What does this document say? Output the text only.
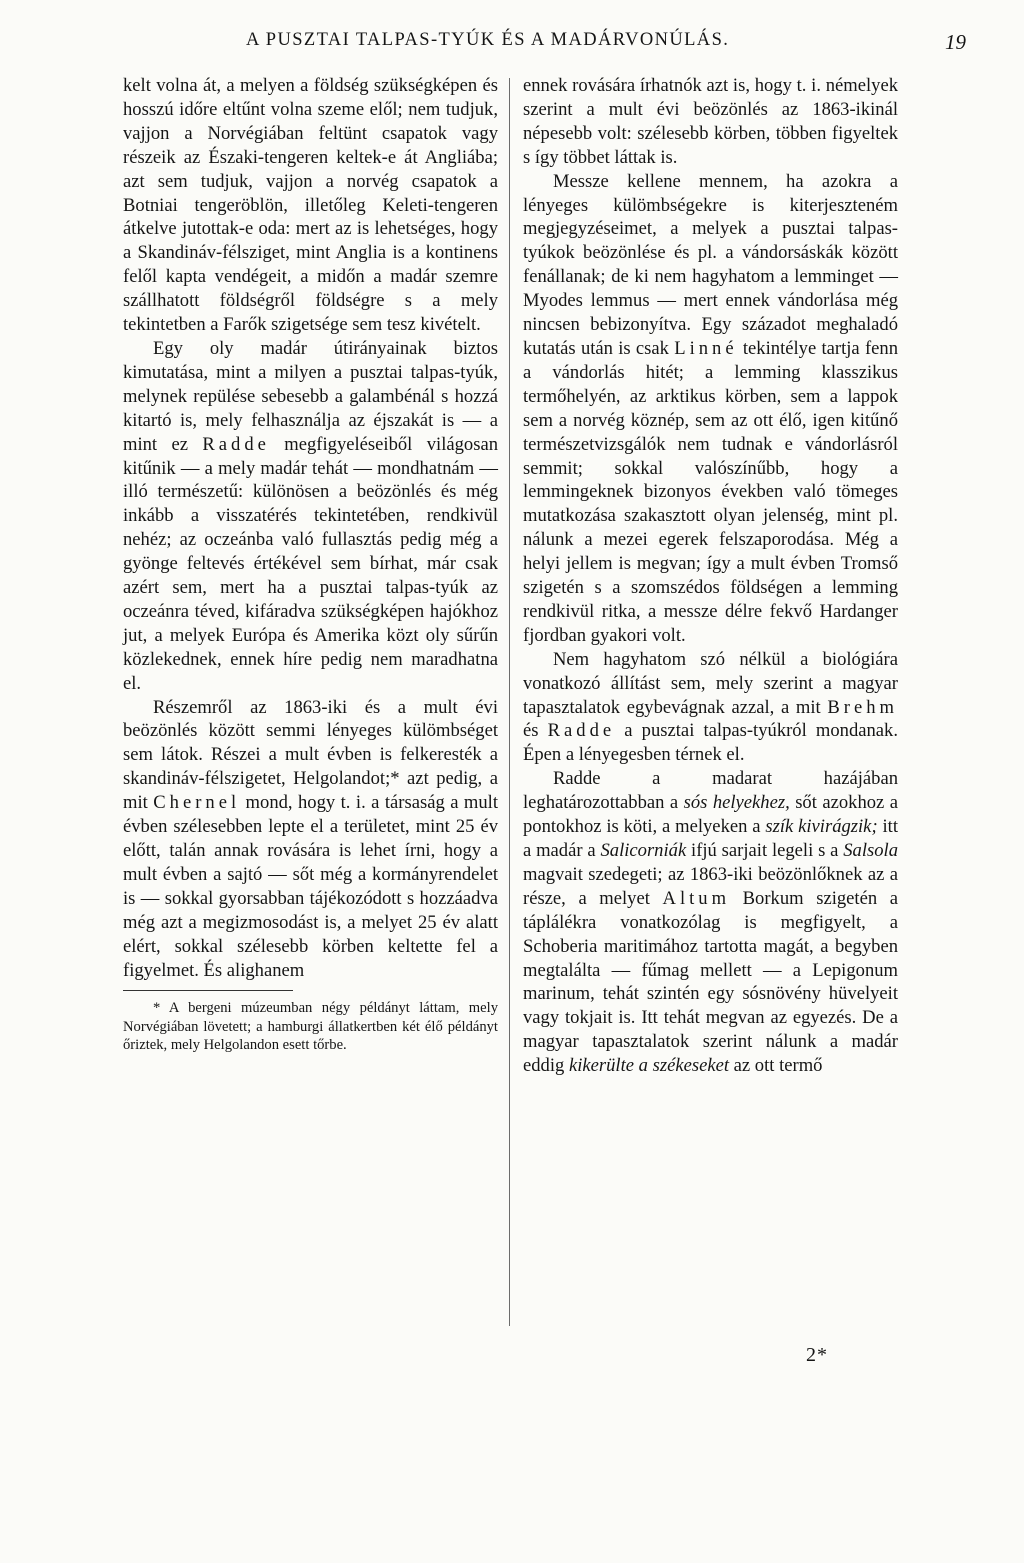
A PUSZTAI TALPAS-TYÚK ÉS A MADÁRVONÚLÁS.	19

kelt volna át, a melyen a földség szükségképen és hosszú időre eltűnt volna szeme elől; nem tudjuk, vajjon a Norvégiában feltünt csapatok vagy részeik az Északi-tengeren keltek-e át Angliába; azt sem tudjuk, vajjon a norvég csapatok a Botniai tengeröblön, illetőleg Keleti-tengeren átkelve jutottak-e oda: mert az is lehetséges, hogy a Skandináv-félsziget, mint Anglia is a kontinens felől kapta vendégeit, a midőn a madár szemre szállhatott földségről földségre s a mely tekintetben a Farők szigetsége sem tesz kivételt.

Egy oly madár útirányainak biztos kimutatása, mint a milyen a pusztai talpas-tyúk, melynek repülése sebesebb a galambénál s hozzá kitartó is, mely felhasználja az éjszakát is — a mint ez Radde megfigyeléseiből világosan kitűnik — a mely madár tehát — mondhatnám — illó természetű: különösen a beözönlés és még inkább a visszatérés tekintetében, rendkivül nehéz; az oczeánba való fullasztás pedig még a gyönge feltevés értékével sem bírhat, már csak azért sem, mert ha a pusztai talpas-tyúk az oczeánra téved, kifáradva szükségképen hajókhoz jut, a melyek Európa és Amerika közt oly sűrűn közlekednek, ennek híre pedig nem maradhatna el.

Részemről az 1863-iki és a mult évi beözönlés között semmi lényeges külömbséget sem látok. Részei a mult évben is felkeresték a skandináv-félszigetet, Helgolandot;* azt pedig, a mit Chernel mond, hogy t. i. a társaság a mult évben szélesebben lepte el a területet, mint 25 év előtt, talán annak rovására is lehet írni, hogy a mult évben a sajtó — sőt még a kormányrendelet is — sokkal gyorsabban tájékozódott s hozzáadva még azt a megizmosodást is, a melyet 25 év alatt elért, sokkal szélesebb körben keltette fel a figyelmet. És alighanem

* A bergeni múzeumban négy példányt láttam, mely Norvégiában lövetett; a hamburgi állatkertben két élő példányt őriztek, mely Helgolandon esett tőrbe.

ennek rovására írhatnók azt is, hogy t. i. némelyek szerint a mult évi beözönlés az 1863-ikinál népesebb volt: szélesebb körben, többen figyeltek s így többet láttak is.

Messze kellene mennem, ha azokra a lényeges külömbségekre is kiterjeszteném megjegyzéseimet, a melyek a pusztai talpas-tyúkok beözönlése és pl. a vándorsáskák között fenállanak; de ki nem hagyhatom a lemminget — Myodes lemmus — mert ennek vándorlása még nincsen bebizonyítva. Egy századot meghaladó kutatás után is csak Linné tekintélye tartja fenn a vándorlás hitét; a lemming klasszikus termőhelyén, az arktikus körben, sem a lappok sem a norvég köznép, sem az ott élő, igen kitűnő természetvizsgálók nem tudnak e vándorlásról semmit; sokkal valószínűbb, hogy a lemmingeknek bizonyos években való tömeges mutatkozása szakasztott olyan jelenség, mint pl. nálunk a mezei egerek felszaporodása. Még a helyi jellem is megvan; így a mult évben Tromső szigetén s a szomszédos földségen a lemming rendkivül ritka, a messze délre fekvő Hardanger fjordban gyakori volt.

Nem hagyhatom szó nélkül a biológiára vonatkozó állítást sem, mely szerint a magyar tapasztalatok egybevágnak azzal, a mit Brehm és Radde a pusztai talpas-tyúkról mondanak. Épen a lényegesben térnek el.

Radde a madarat hazájában leghatározottabban a sós helyekhez, sőt azokhoz a pontokhoz is köti, a melyeken a szík kivirágzik; itt a madár a Salicorniák ifjú sarjait legeli s a Salsola magvait szedegeti; az 1863-iki beözönlőknek az a része, a melyet Altum Borkum szigetén a táplálékra vonatkozólag is megfigyelt, a Schoberia maritimához tartotta magát, a begyben megtalálta — fűmag mellett — a Lepigonum marinum, tehát szintén egy sósnövény hüvelyeit vagy tokjait is. Itt tehát megvan az egyezés. De a magyar tapasztalatok szerint nálunk a madár eddig kikerülte a székeseket az ott termő

2*
